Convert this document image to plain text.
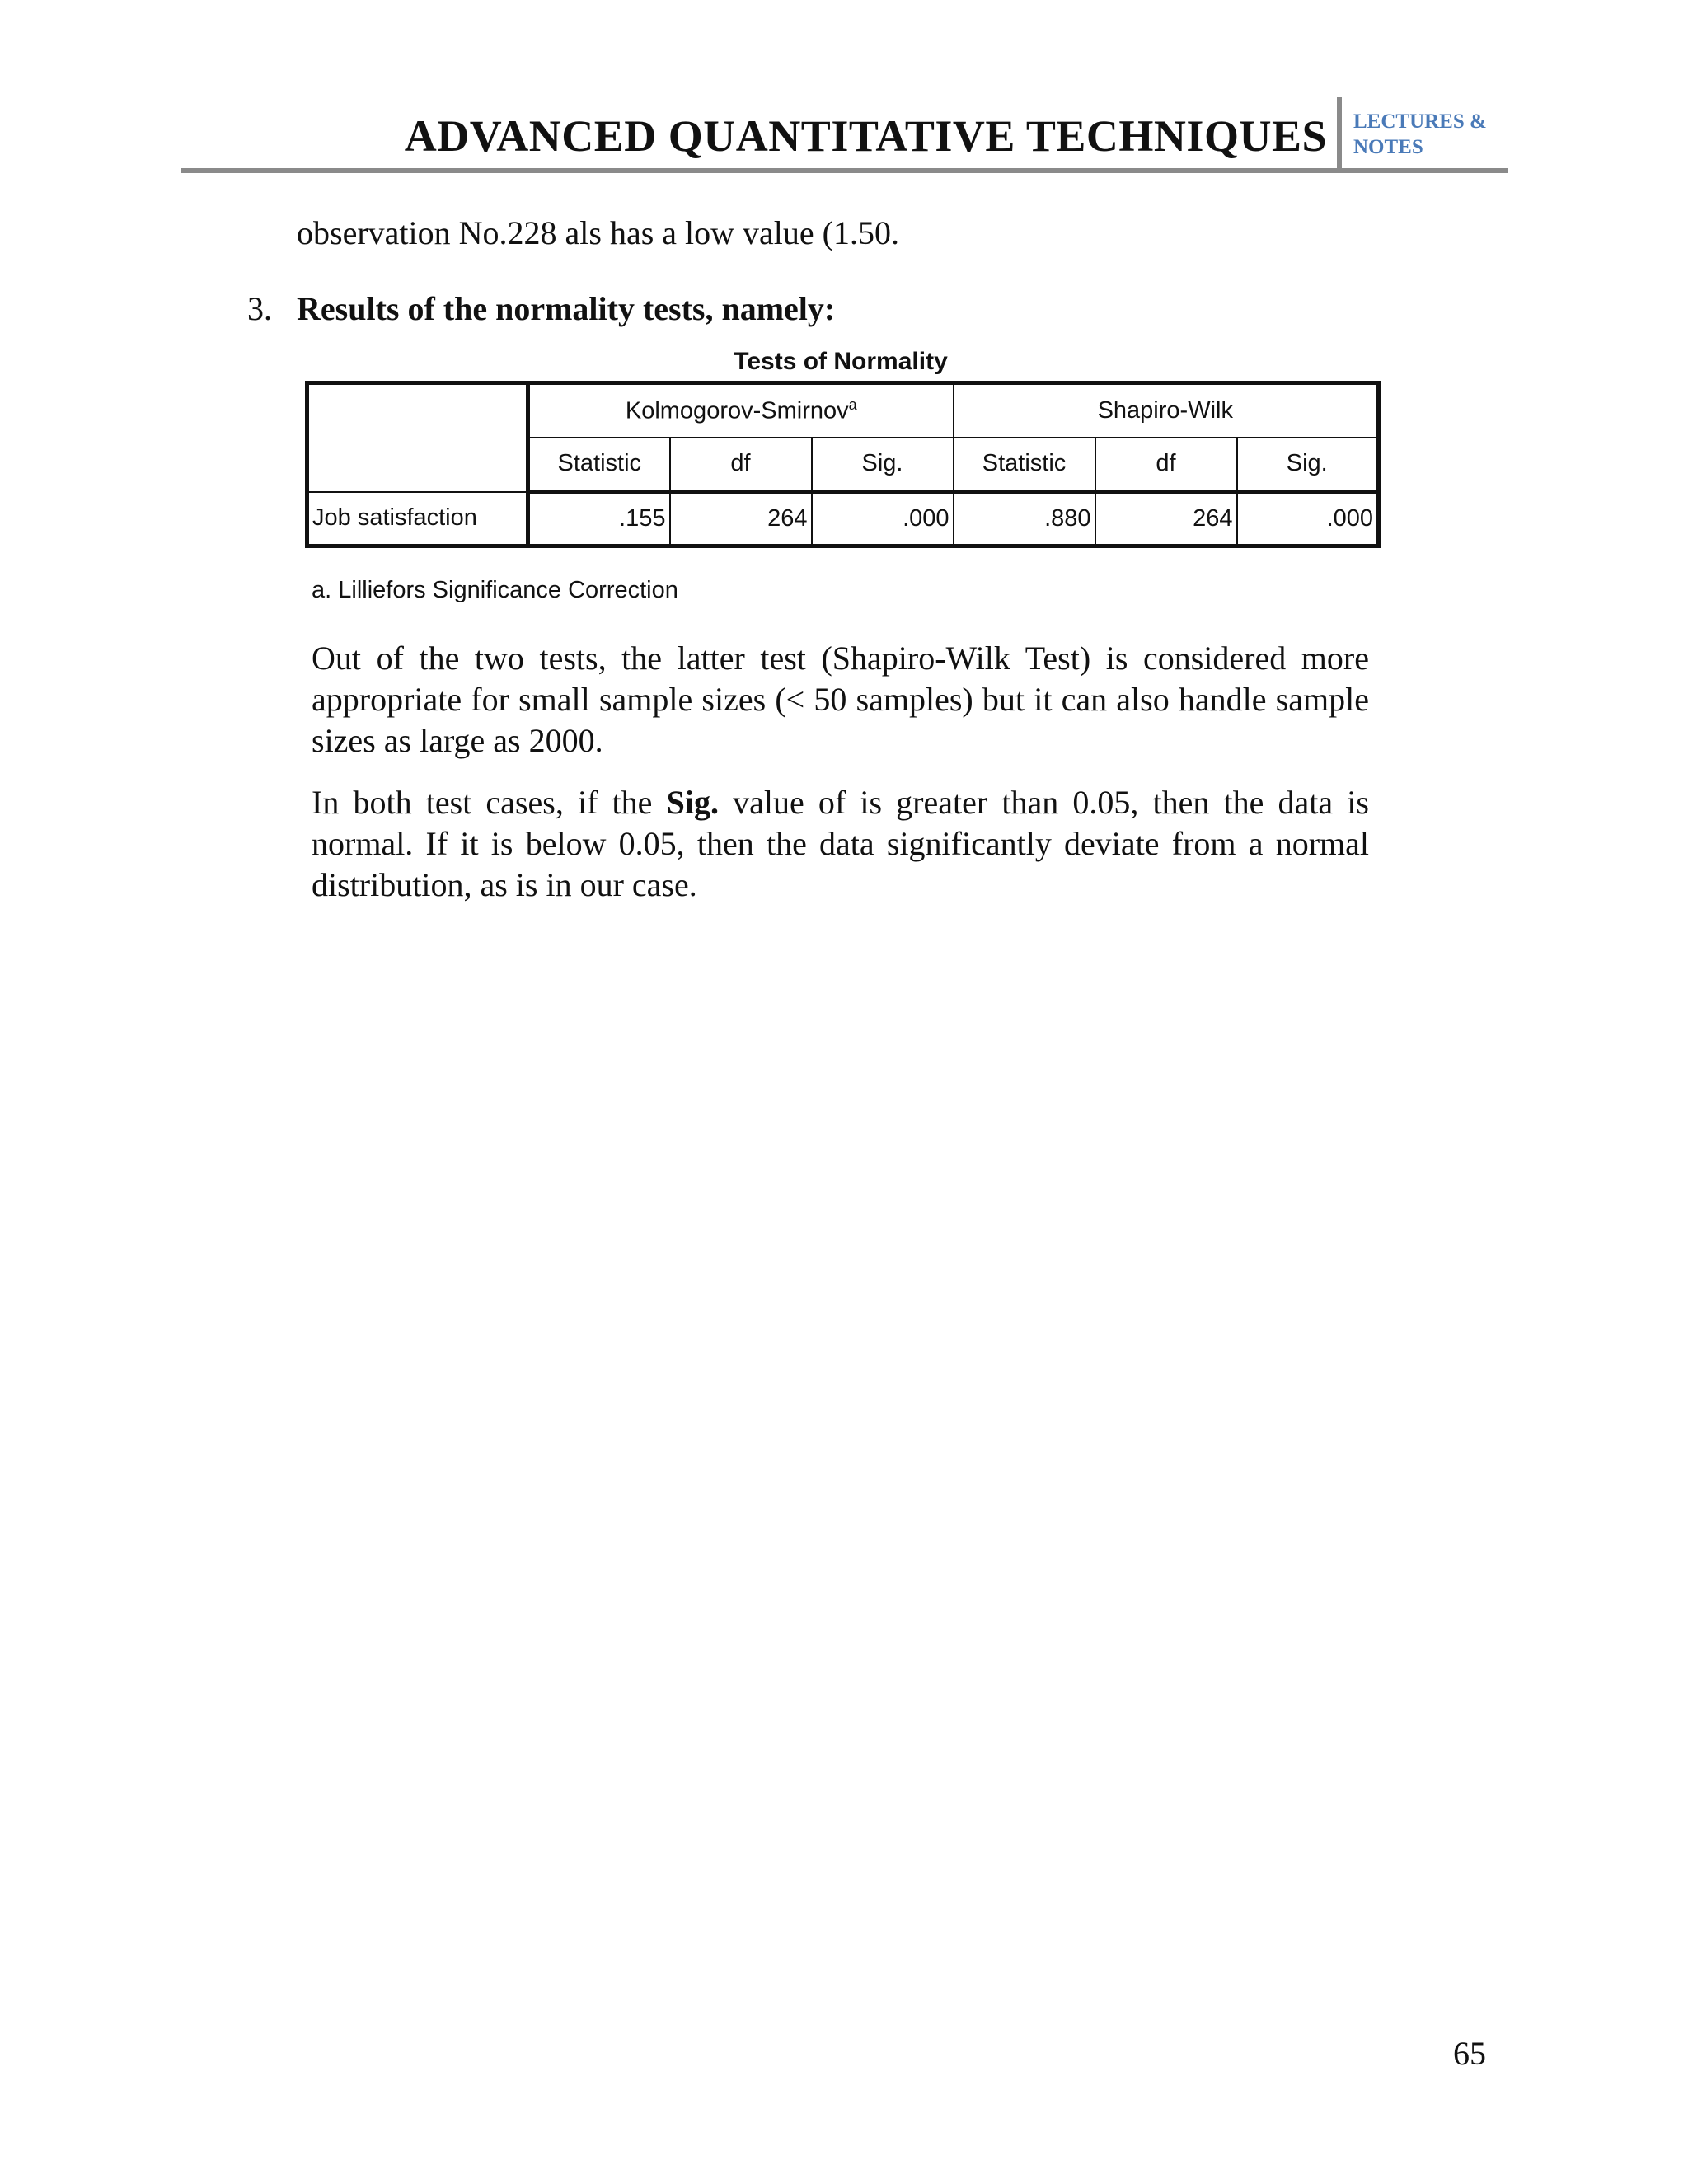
ADVANCED QUANTITATIVE TECHNIQUES LECTURES &
NOTES
observation No.228 als has a low value (1.50.
3. Results of the normality tests, namely:
Tests of Normality
	Kolmogorov-Smirnov$^a$			Shapiro-Wilk		
	Statistic	df	Sig.	Statistic	df	Sig.
Job satisfaction	.155	264	.000	.880	264	.000
a. Lilliefors Significance Correction
Out of the two tests, the latter test (Shapiro-Wilk Test) is considered more appropriate for small sample sizes (< 50 samples) but it can also handle sample sizes as large as 2000.
In both test cases, if the Sig. value of is greater than 0.05, then the data is normal. If it is below 0.05, then the data significantly deviate from a normal distribution, as is in our case.
65
